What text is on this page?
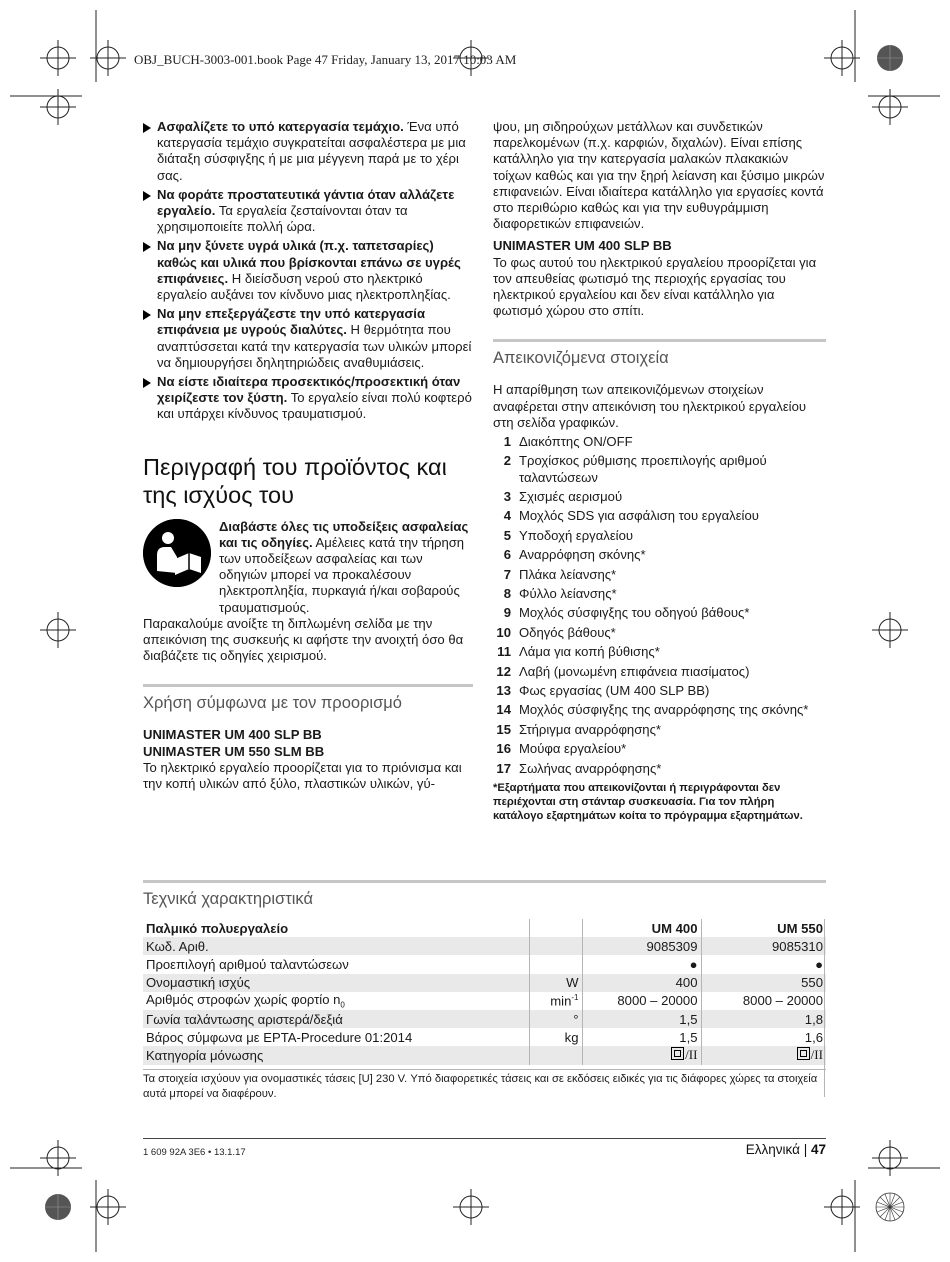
OBJ_BUCH-3003-001.book Page 47 Friday, January 13, 2017 10:03 AM
Ασφαλίζετε το υπό κατεργασία τεμάχιο. Ένα υπό κατεργασία τεμάχιο συγκρατείται ασφαλέστερα με μια διάταξη σύσφιγξης ή με μια μέγγενη παρά με το χέρι σας.
Να φοράτε προστατευτικά γάντια όταν αλλάζετε εργαλείο. Τα εργαλεία ζεσταίνονται όταν τα χρησιμοποιείτε πολλή ώρα.
Να μην ξύνετε υγρά υλικά (π.χ. ταπετσαρίες) καθώς και υλικά που βρίσκονται επάνω σε υγρές επιφάνειες. Η διείσδυση νερού στο ηλεκτρικό εργαλείο αυξάνει τον κίνδυνο μιας ηλεκτροπληξίας.
Να μην επεξεργάζεστε την υπό κατεργασία επιφάνεια με υγρούς διαλύτες. Η θερμότητα που αναπτύσσεται κατά την κατεργασία των υλικών μπορεί να δημιουργήσει δηλητηριώδεις αναθυμιάσεις.
Να είστε ιδιαίτερα προσεκτικός/προσεκτική όταν χειρίζεστε τον ξύστη. Το εργαλείο είναι πολύ κοφτερό και υπάρχει κίνδυνος τραυματισμού.
Περιγραφή του προϊόντος και της ισχύος του
Διαβάστε όλες τις υποδείξεις ασφαλείας και τις οδηγίες. Αμέλειες κατά την τήρηση των υποδείξεων ασφαλείας και των οδηγιών μπορεί να προκαλέσουν ηλεκτροπληξία, πυρκαγιά ή/και σοβαρούς τραυματισμούς.

Παρακαλούμε ανοίξτε τη διπλωμένη σελίδα με την απεικόνιση της συσκευής κι αφήστε την ανοιχτή όσο θα διαβάζετε τις οδηγίες χειρισμού.

Χρήση σύμφωνα με τον προορισμό

UNIMASTER UM 400 SLP BB

UNIMASTER UM 550 SLM BB

Το ηλεκτρικό εργαλείο προορίζεται για το πριόνισμα και την κοπή υλικών από ξύλο, πλαστικών υλικών, γύ-

ψου, μη σιδηρούχων μετάλλων και συνδετικών παρελκομένων (π.χ. καρφιών, διχαλών). Είναι επίσης κατάλληλο για την κατεργασία μαλακών πλακακιών τοίχων καθώς και για την ξηρή λείανση και ξύσιμο μικρών επιφανειών. Είναι ιδιαίτερα κατάλληλο για εργασίες κοντά στο περιθώριο καθώς και για την ευθυγράμμιση διαφορετικών επιφανειών.

UNIMASTER UM 400 SLP BB

Το φως αυτού του ηλεκτρικού εργαλείου προορίζεται για τον απευθείας φωτισμό της περιοχής εργασίας του ηλεκτρικού εργαλείου και δεν είναι κατάλληλο για φωτισμό χώρου στο σπίτι.

Απεικονιζόμενα στοιχεία

Η απαρίθμηση των απεικονιζόμενων στοιχείων αναφέρεται στην απεικόνιση του ηλεκτρικού εργαλείου στη σελίδα γραφικών.

1 Διακόπτης ON/OFF
2 Τροχίσκος ρύθμισης προεπιλογής αριθμού ταλαντώσεων
3 Σχισμές αερισμού
4 Μοχλός SDS για ασφάλιση του εργαλείου
5 Υποδοχή εργαλείου
6 Αναρρόφηση σκόνης*
7 Πλάκα λείανσης*
8 Φύλλο λείανσης*
9 Μοχλός σύσφιγξης του οδηγού βάθους*
10 Οδηγός βάθους*
11 Λάμα για κοπή βύθισης*
12 Λαβή (μονωμένη επιφάνεια πιασίματος)
13 Φως εργασίας (UM 400 SLP BB)
14 Μοχλός σύσφιγξης της αναρρόφησης της σκόνης*
15 Στήριγμα αναρρόφησης*
16 Μούφα εργαλείου*
17 Σωλήνας αναρρόφησης*
*Εξαρτήματα που απεικονίζονται ή περιγράφονται δεν περιέχονται στη στάνταρ συσκευασία. Για τον πλήρη κατάλογο εξαρτημάτων κοίτα το πρόγραμμα εξαρτημάτων.
Τεχνικά χαρακτηριστικά
Παλμικό πολυεργαλείο		UM 400	UM 550
Κωδ. Αριθ.		9085309	9085310
Προεπιλογή αριθμού ταλαντώσεων		●	●
Ονομαστική ισχύς	W	400	550
Αριθμός στροφών χωρίς φορτίο $n_0$	$\min^{-1}$	8000 – 20000	8000 – 20000
Γωνία ταλάντωσης αριστερά/δεξιά	°	1,5	1,8
Βάρος σύμφωνα με EPTA-Procedure 01:2014	kg	1,5	1,6
Κατηγορία μόνωσης		/II	/II
Τα στοιχεία ισχύουν για ονομαστικές τάσεις [U] 230 V. Υπό διαφορετικές τάσεις και σε εκδόσεις ειδικές για τις διάφορες χώρες τα στοιχεία αυτά μπορεί να διαφέρουν.
1 609 92A 3E6 • 13.1.17	Ελληνικά | 47
